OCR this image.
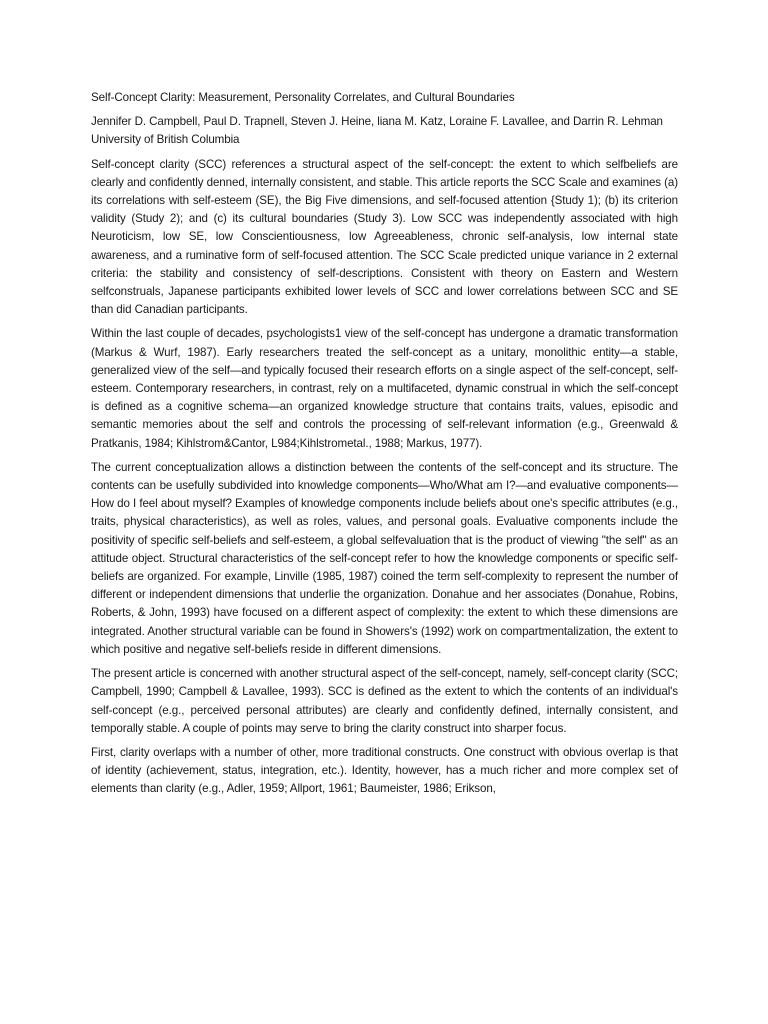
Self-Concept Clarity: Measurement, Personality Correlates, and Cultural Boundaries

Jennifer D. Campbell, Paul D. Trapnell, Steven J. Heine, liana M. Katz, Loraine F. Lavallee, and Darrin R. Lehman University of British Columbia

Self-concept clarity (SCC) references a structural aspect of the self-concept: the extent to which selfbeliefs are clearly and confidently denned, internally consistent, and stable. This article reports the SCC Scale and examines (a) its correlations with self-esteem (SE), the Big Five dimensions, and self-focused attention {Study 1); (b) its criterion validity (Study 2); and (c) its cultural boundaries (Study 3). Low SCC was independently associated with high Neuroticism, low SE, low Conscientiousness, low Agreeableness, chronic self-analysis, low internal state awareness, and a ruminative form of self-focused attention. The SCC Scale predicted unique variance in 2 external criteria: the stability and consistency of self-descriptions. Consistent with theory on Eastern and Western selfconstruals, Japanese participants exhibited lower levels of SCC and lower correlations between SCC and SE than did Canadian participants.

Within the last couple of decades, psychologists1 view of the self-concept has undergone a dramatic transformation (Markus & Wurf, 1987). Early researchers treated the self-concept as a unitary, monolithic entity—a stable, generalized view of the self—and typically focused their research efforts on a single aspect of the self-concept, self-esteem. Contemporary researchers, in contrast, rely on a multifaceted, dynamic construal in which the self-concept is defined as a cognitive schema—an organized knowledge structure that contains traits, values, episodic and semantic memories about the self and controls the processing of self-relevant information (e.g., Greenwald & Pratkanis, 1984; Kihlstrom&Cantor, L984;Kihlstrometal., 1988; Markus, 1977).

The current conceptualization allows a distinction between the contents of the self-concept and its structure. The contents can be usefully subdivided into knowledge components—Who/What am I?—and evaluative components—How do I feel about myself? Examples of knowledge components include beliefs about one's specific attributes (e.g., traits, physical characteristics), as well as roles, values, and personal goals. Evaluative components include the positivity of specific self-beliefs and self-esteem, a global selfevaluation that is the product of viewing "the self" as an attitude object. Structural characteristics of the self-concept refer to how the knowledge components or specific self-beliefs are organized. For example, Linville (1985, 1987) coined the term self-complexity to represent the number of different or independent dimensions that underlie the organization. Donahue and her associates (Donahue, Robins, Roberts, & John, 1993) have focused on a different aspect of complexity: the extent to which these dimensions are integrated. Another structural variable can be found in Showers's (1992) work on compartmentalization, the extent to which positive and negative self-beliefs reside in different dimensions.

The present article is concerned with another structural aspect of the self-concept, namely, self-concept clarity (SCC; Campbell, 1990; Campbell & Lavallee, 1993). SCC is defined as the extent to which the contents of an individual's self-concept (e.g., perceived personal attributes) are clearly and confidently defined, internally consistent, and temporally stable. A couple of points may serve to bring the clarity construct into sharper focus.

First, clarity overlaps with a number of other, more traditional constructs. One construct with obvious overlap is that of identity (achievement, status, integration, etc.). Identity, however, has a much richer and more complex set of elements than clarity (e.g., Adler, 1959; Allport, 1961; Baumeister, 1986; Erikson,
